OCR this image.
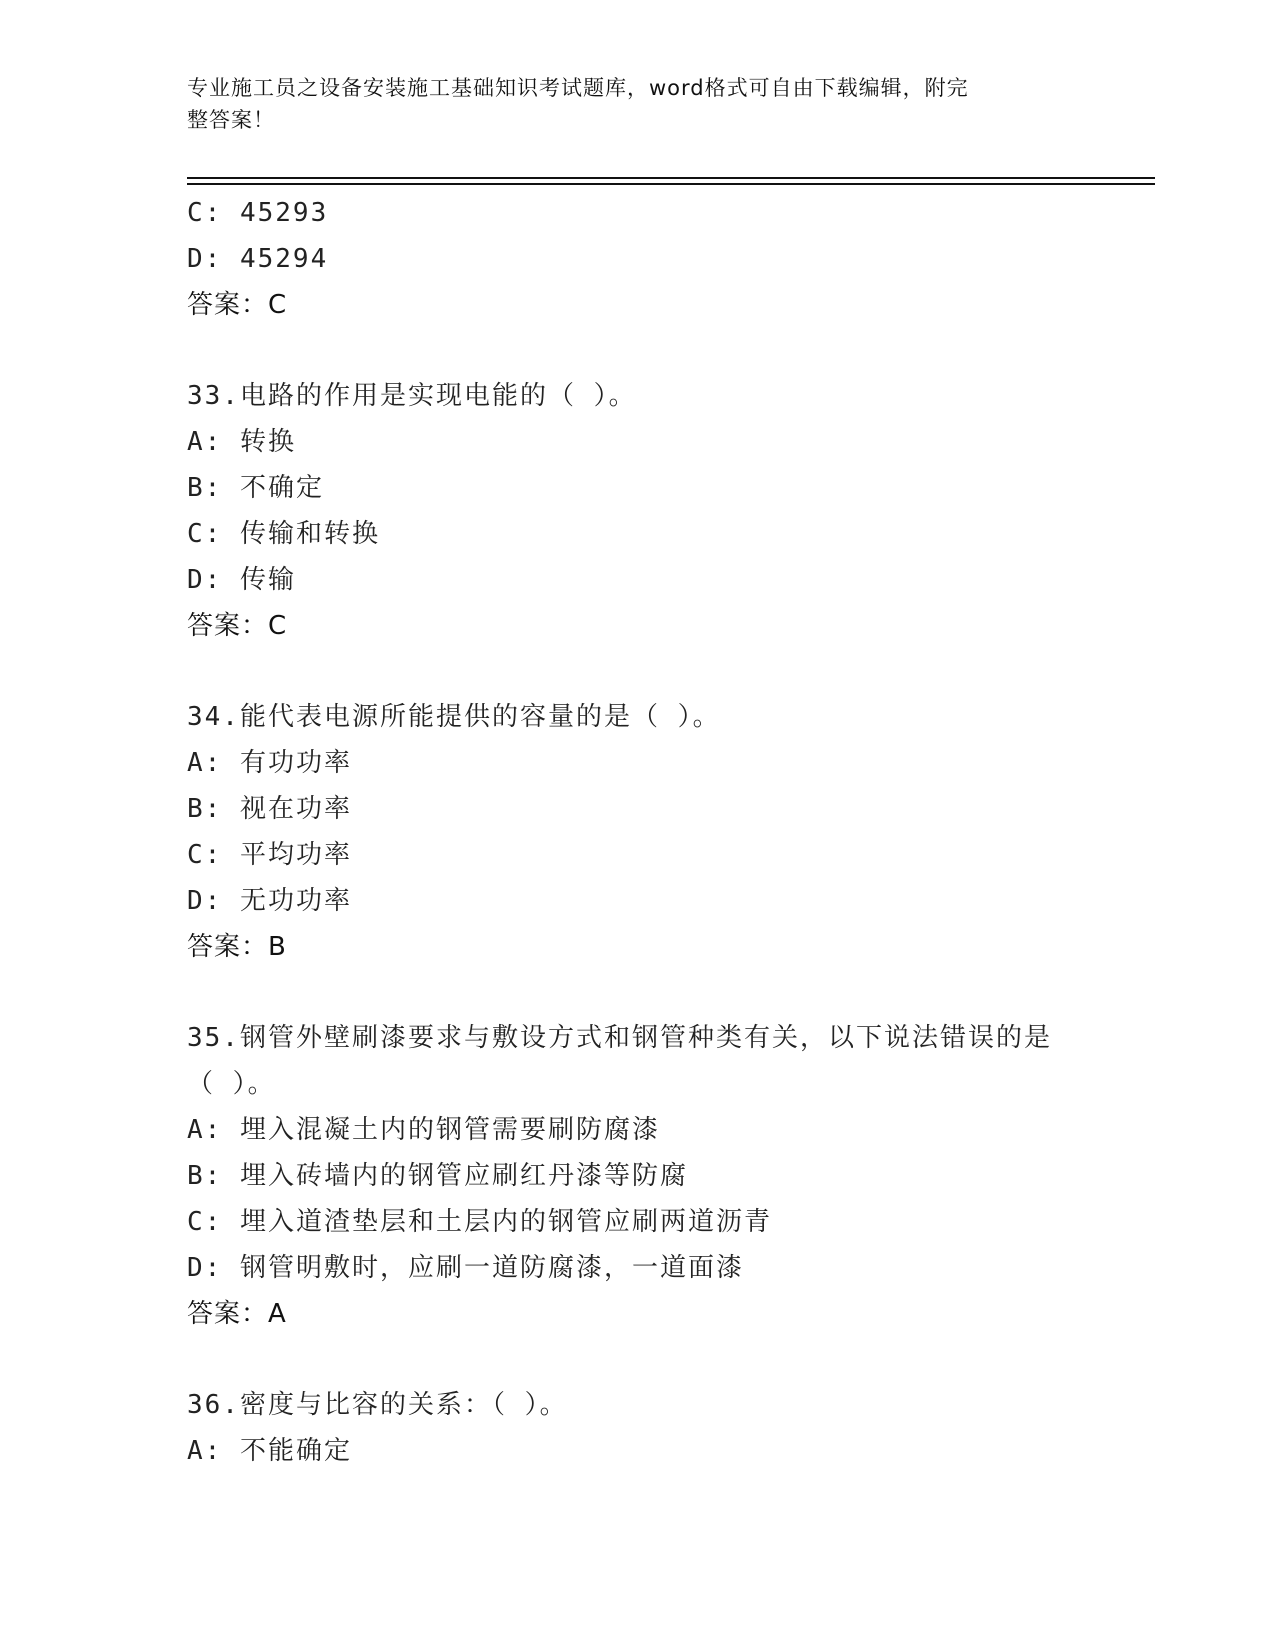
专业施工员之设备安装施工基础知识考试题库，word格式可自由下载编辑，附完
整答案！
C: 45293
D: 45294
答案：C
33.电路的作用是实现电能的（ ）。
A: 转换
B: 不确定
C: 传输和转换
D: 传输
答案：C
34.能代表电源所能提供的容量的是（ ）。
A: 有功功率
B: 视在功率
C: 平均功率
D: 无功功率
答案：B
35.钢管外壁刷漆要求与敷设方式和钢管种类有关，以下说法错误的是
（ ）。
A: 埋入混凝土内的钢管需要刷防腐漆
B: 埋入砖墙内的钢管应刷红丹漆等防腐
C: 埋入道渣垫层和土层内的钢管应刷两道沥青
D: 钢管明敷时，应刷一道防腐漆，一道面漆
答案：A
36.密度与比容的关系：（ ）。
A: 不能确定
